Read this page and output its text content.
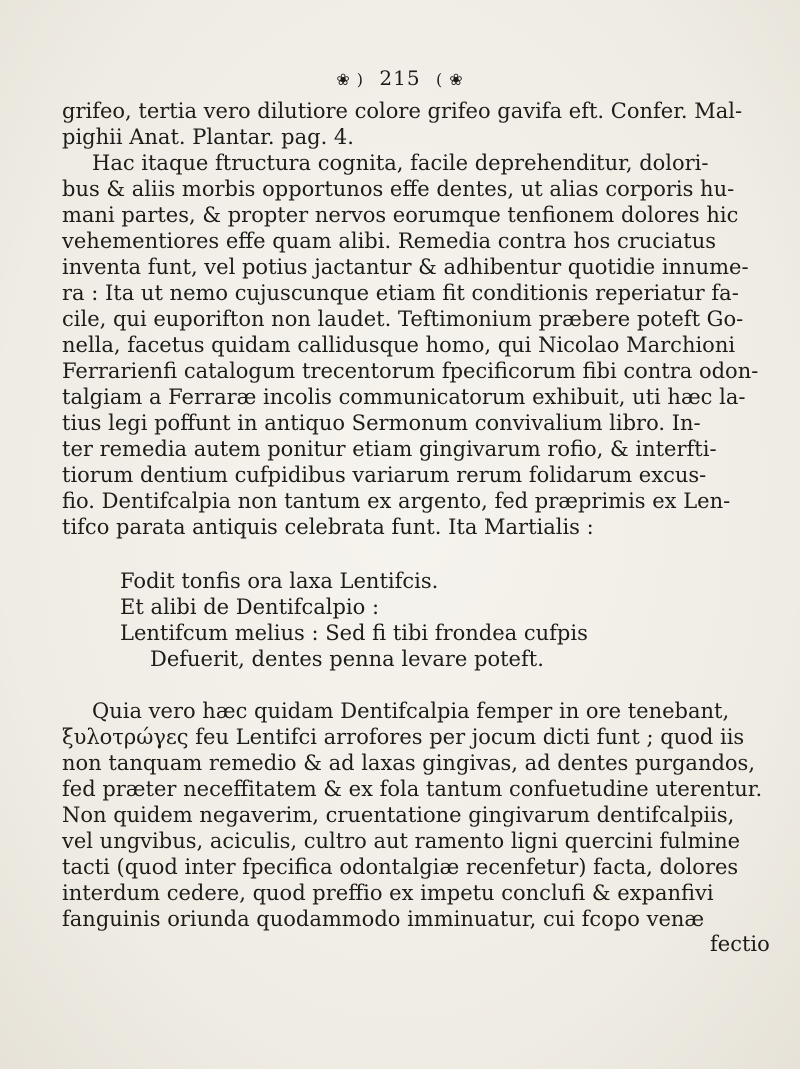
❀ ) 215 ( ❀
grifeo, tertia vero dilutiore colore grifeo gavifa eft. Confer. Mal-
pighii Anat. Plantar. pag. 4.
Hac itaque ftructura cognita, facile deprehenditur, dolori-
bus & aliis morbis opportunos effe dentes, ut alias corporis hu-
mani partes, & propter nervos eorumque tenfionem dolores hic
vehementiores effe quam alibi. Remedia contra hos cruciatus
inventa funt, vel potius jactantur & adhibentur quotidie innume-
ra : Ita ut nemo cujuscunque etiam fit conditionis reperiatur fa-
cile, qui euporifton non laudet. Teftimonium præbere poteft Go-
nella, facetus quidam callidusque homo, qui Nicolao Marchioni
Ferrarienfi catalogum trecentorum fpecificorum fibi contra odon-
talgiam a Ferraræ incolis communicatorum exhibuit, uti hæc la-
tius legi poffunt in antiquo Sermonum convivalium libro. In-
ter remedia autem ponitur etiam gingivarum rofio, & interfti-
tiorum dentium cufpidibus variarum rerum folidarum excus-
fio. Dentifcalpia non tantum ex argento, fed præprimis ex Len-
tifco parata antiquis celebrata funt. Ita Martialis :
Fodit tonfis ora laxa Lentifcis.
Et alibi de Dentifcalpio :
Lentifcum melius : Sed fi tibi frondea cufpis
Defuerit, dentes penna levare poteft.
Quia vero hæc quidam Dentifcalpia femper in ore tenebant,
ξυλοτρώγες feu Lentifci arrofores per jocum dicti funt ; quod iis
non tanquam remedio & ad laxas gingivas, ad dentes purgandos,
fed præter neceffitatem & ex fola tantum confuetudine uterentur.
Non quidem negaverim, cruentatione gingivarum dentifcalpiis,
vel ungvibus, aciculis, cultro aut ramento ligni quercini fulmine
tacti (quod inter fpecifica odontalgiæ recenfetur) facta, dolores
interdum cedere, quod preffio ex impetu conclufi & expanfivi
fanguinis oriunda quodammodo imminuatur, cui fcopo venæ
fectio
